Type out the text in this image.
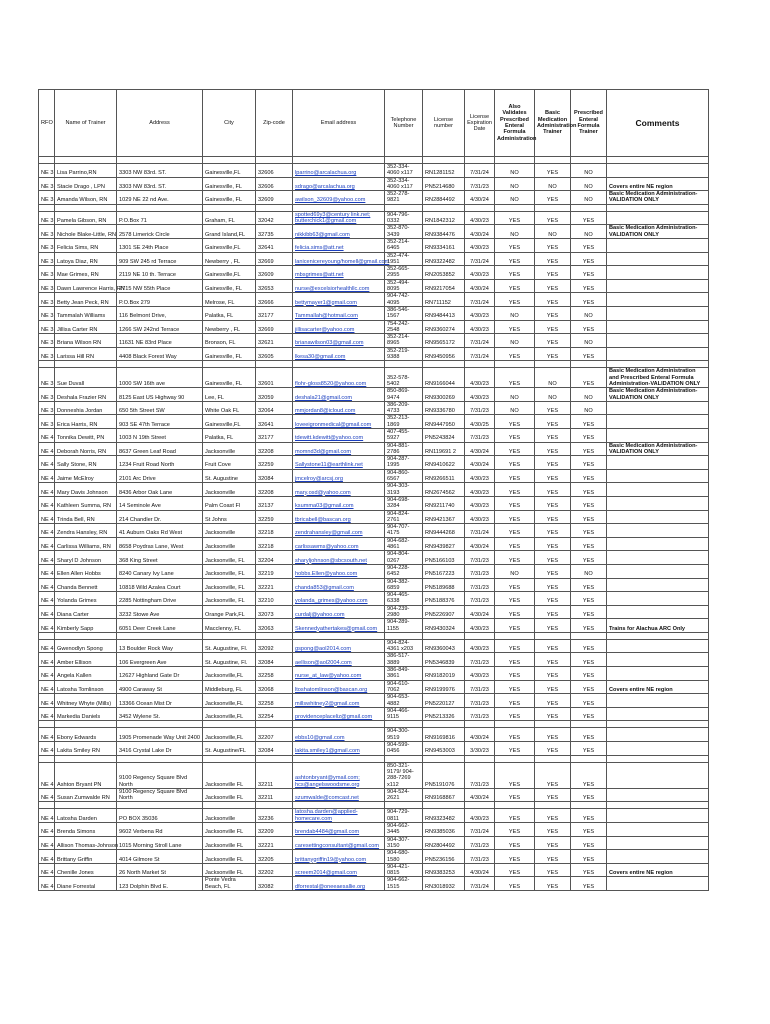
RFO	Name of Trainer	Address	City	Zip-code	Email address	Telephone Number	License number	License Expiration Date	Also Validates Prescribed Enteral Formula Administration	Basic Medication Administration Trainer	Prescribed Enteral Formula Trainer	Comments

NE 3	Lisa Parrino,RN	3303 NW 83rd. ST.	Gainesville,FL	32606	lparrino@arcalachua.org	352-334-4060 x117	RN1281152	7/31/24	NO	YES	NO	
NE 3	Stacie Drago , LPN	3303 NW 83rd. ST.	Gainesville, FL	32606	sdrago@arcalachua.org	352-334-4060 x117	PN5214680	7/31/23	NO	NO	NO	Covers entire NE region
NE 3	Amanda Wilson, RN	1029 NE 22 nd Ave.	Gainesville, FL	32609	awilson_32609@yahoo.com	352-278-9821	RN2884492	4/30/24	NO	YES	NO	Basic Medication Administration-VALIDATION ONLY

NE 3	Pamela Gibson, RN	P.O.Box 71	Graham, FL	32042	spotted69y3@century link.net; butterchick1@gmail.com	904-796-0332	RN1842312	4/30/23	YES	YES	YES	
NE 3	Nichole Blake-Little, RN	2578 Limerick Circle	Grand Island,FL	32735	nikkibb63@gmail.com	352-870-3439	RN9384476	4/30/24	NO	NO	NO	Basic Medication Administration-VALIDATION ONLY
NE 3	Felicia Sims, RN	1301 SE 24th Place	Gainesville,FL	32641	felicia.sims@att.net	352-214-6465	RN9334161	4/30/23	YES	YES	YES	
NE 3	Latoya Diaz, RN	909 SW 245 rd Terrace	Newberry , FL	32669	lanicenicereyoung/homell@gmail.com	352-474-1951	RN9322482	7/31/24	YES	YES	YES	
NE 3	Mae Grimes, RN	2119 NE 10 th. Terrace	Gainesville,FL	32609	mbsgrimes@att.net	352-665-2955	RN2053852	4/30/23	YES	YES	YES	
NE 3	Dawn Lawrence Harris, RN	2715 NW 55th Place	Gainesville, FL	32653	nurse@excelsiorhealthllc.com	352-494-8095	RN9217054	4/30/24	YES	YES	YES	
NE 3	Betty Jean Peck, RN	P.O.Box 279	Melrose, FL	32666	bettymayer1@gmail.com	904-742-4095	RN711152	7/31/24	YES	YES	YES	
NE 3	Tammalah Williams	116 Belmont Drive,	Palatka, FL	32177	Tammallah@hotmail.com	386-546-1567	RN9484413	4/30/23	NO	YES	NO	
NE 3	Jillisa Carter RN	1266 SW 242nd Terrace	Newberry , FL	32669	jillisacarter@yahoo.com	754-242-2548	RN9360274	4/30/23	YES	YES	YES	
NE 3	Briana Wilson RN	11631 NE 83rd Place	Bronson, FL	32621	brianawilson03@gmail.com	352-214-8965	RN9565172	7/31/24	NO	YES	NO	
NE 3	Larissa Hill RN	4408 Black Forest Way	Gainesville, FL	32605	lkesa30@gmail.com	352-219-9388	RN9450956	7/31/24	YES	YES	YES	

NE 3	Sue Duvall	1000 SW 16th ave	Gainesville, FL	32601	flohr-gloss8520@yahoo.com	352-578-5402	RN9166044	4/30/23	YES	NO	YES	Basic Medication Administration and Prescribed Enteral Formula Administration-VALIDATION ONLY
NE 3	Deshala Frazier RN	8125 East US Highway 90	Lee, FL	32059	deshala21@gmail.com	850-869-9474	RN9300269	4/30/23	NO	NO	NO	Basic Medication Administration-VALIDATION ONLY
NE 3	Donneshia Jordan	650 5th Street SW	White Oak FL	32064	mmjordan8@icloud.com	386-209-4733	RN9336780	7/31/23	NO	YES	NO	
NE 3	Erica Harris, RN	903 SE 47th Terrace	Gainesville,FL	32641	loveeigronmedical@gmail.com	352-213-1869	RN9447950	4/30/25	YES	YES	YES	
NE 4	Tonnika Dewitt, PN	1003 N 19th Street	Palatka, FL	32177	tdewitt.kdewitt@yahoo.com	407-455-5927	PN5243824	7/31/23	YES	YES	YES	
NE 4	Deborah Norris, RN	8637 Green Leaf Road	Jacksonville	32208	momnd3d@gmail.com	904-881-2786	RN119691 2	4/30/24	YES	YES	YES	Basic Medication Administration-VALIDATION ONLY
NE 4	Sally Stone, RN	1234 Fruit Road North	Fruit Cove	32259	Sallystone11@earthlink.net	904-287-1995	RN9410622	4/30/24	YES	YES	YES	
NE 4	Jaime McElroy	2101 Arc Drive	St. Augustine	32084	jmcelroy@arcsj.org	904-860-6567	RN9266511	4/30/23	YES	YES	YES	
NE 4	Mary Davis Johnson	8436 Arbor Oak Lane	Jacksonville	32208	mary.osd@yahoo.com	904-303-3193	RN2674562	4/30/23	YES	YES	YES	
NE 4	Kathleen Summa, RN	14 Seminole Ave	Palm Coast Fl	32137	ksumma03@gmail.com	904-698-3284	RN9211740	4/30/23	YES	YES	YES	
NE 4	Trinda Bell, RN	214 Chandler Dr.	St Johns	32259	tbricabell@bascan.org	904-824-2761	RN9421367	4/30/23	YES	YES	YES	
NE 4	Zendra Hansley, RN	41 Auburn Oaks Rd West	Jacksonville	32218	zendrahansley@gmail.com	904-707-4175	RN9444268	7/31/24	YES	YES	YES	
NE 4	Carlissa Williams, RN	8658 Poydras Lane, West	Jacksonville	32218	carlissawms@yahoo.com	904-682-4861	RN9439827	4/30/24	YES	YES	YES	
NE 4	Sharyl D Johnson	368 King Street	Jacksonville, FL	32204	sharyljohnson@sbcsouth.net	904-804-0267	PN5166103	7/31/23	YES	YES	YES	
NE 4	Ellen Allen Hobbs	8240 Canary Ivy Lane	Jacksonville, FL	32219	hobbs.Ellen@yahoo.com	904-228-6452	PN5167223	7/31/23	NO	YES	NO	
NE 4	Chanda Bennett	10818 Wild Azalea Court	Jacksonville, FL	32221	chanda853@gmail.com	904-382-6859	PN5189688	7/31/23	YES	YES	YES	
NE 4	Yolanda Grimes	2285 Nottingham Drive	Jacksonville, FL	32210	yolanda_grimes@yahoo.com	904-465-6338	PN5188376	7/31/23	YES	YES	YES	
NE 4	Diana Carter	3232 Stowe Ave	Orange Park,FL	32073	curdalj@yahoo.com	904-239-2980	PN5226907	4/30/24	YES	YES	YES	
NE 4	Kimberly Sapp	6051 Deer Creek Lane	Macclenny, FL	32063	Skennedyathertakes@gmail.com	904-289-1155	RN9430324	4/30/23	YES	YES	YES	Trains for Alachua ARC Only

NE 4	Gwenodlyn Spong	13 Boulder Rock Way	St. Augustine, Fl.	32092	gspong@aol2014.com	904-824-4361 x203	RN9360043	4/30/23	YES	YES	YES	
NE 4	Amber Ellison	106 Evergreen Ave	St. Augustine, Fl.	32084	aellison@aol2004.com	386-517-3889	PN5346839	7/31/23	YES	YES	YES	
NE 4	Angela Kallen	12627 Highland Gate Dr	Jacksonville,FL	32258	nurse_at_law@yahoo.com	386-849-3861	RN9182019	4/30/23	YES	YES	YES	
NE 4	Latosha Tomlinson	4900 Caraway St	Middleburg, FL	32068	ltoshatomlinson@bascan.org	904-610-7062	RN9199976	7/31/23	YES	YES	YES	Covers entire NE region
NE 4	Whitney Whyte (Mills)	13366 Ocean Mist Dr	Jacksonville,FL	32258	millswhitney2@gmail.com	904-653-4882	PN5220127	7/31/23	YES	YES	YES	
NE 4	Markedia Daniels	3452 Wylene St.	Jacksonville,FL	32254	providenceplaceliz@gmail.com	904-466-9115	PN5213326	7/31/23	YES	YES	YES	

NE 4	Ebony Edwards	1905 Promenade Way Unit 2400	Jacksonville,FL	32207	ebbs10@gmail.com	904-300-9519	RN9169816	4/30/24	YES	YES	YES	
NE 4	Lakita Smiley RN	3416 Crystal Lake Dr	St. Augustine/FL	32084	lakita.smiley1@gmail.com	904-599-0456	RN9453003	3/30/23	YES	YES	YES	

NE 4	Ashton Bryant PN	9100 Regency Square Blvd North	Jacksonville FL	32211	ashtonbryant@ymail.com; hcs@angelswoodsme.org	850-321-9179/ 904-288-7269 x112	PN5191076	7/31/23	YES	YES	YES	
NE 4	Susan Zumwalde RN	9100 Regency Square Blvd North	Jacksonville FL	32211	szumwalde@comcast.net	904-524-2621	RN9168867	4/30/24	YES	YES	YES	

NE 4	Latosha Darden	PO BOX 35036	Jacksonville	32236	latosha.darden@applied-homecare.com	904-729-0811	RN9323482	4/30/23	YES	YES	YES	
NE 4	Brenda Simons	9602 Verbena Rd	Jacksonville FL	32209	brendab4484@gmail.com	904-662-3445	RN9385036	7/31/24	YES	YES	YES	
NE 4	Allison Thomas-Johnson	1015 Morning Stroll Lane	Jacksonville FL	32221	caresettingconsultant@gmail.com	904-307-3150	RN2804492	7/31/23	YES	YES	YES	
NE 4	Brittany Griffin	4014 Gilmore St	Jacksonville FL	32205	brittanygriffin19@yahoo.com	904-680-1580	PN5236156	7/31/23	YES	YES	YES	
NE 4	Chenille Jones	26 North Market St	Jacksonville FL	32202	screem2014@gmail.com	904-421-0815	RN9383253	4/30/24	YES	YES	YES	Covers entire NE region
NE 4	Diane Forrestal	123 Dolphin Blvd E.	Ponte Vedra Beach, FL	32082	dforrestal@oneeaesallie.org	904-662-1515	RN3018932	7/31/24	YES	YES	YES	
